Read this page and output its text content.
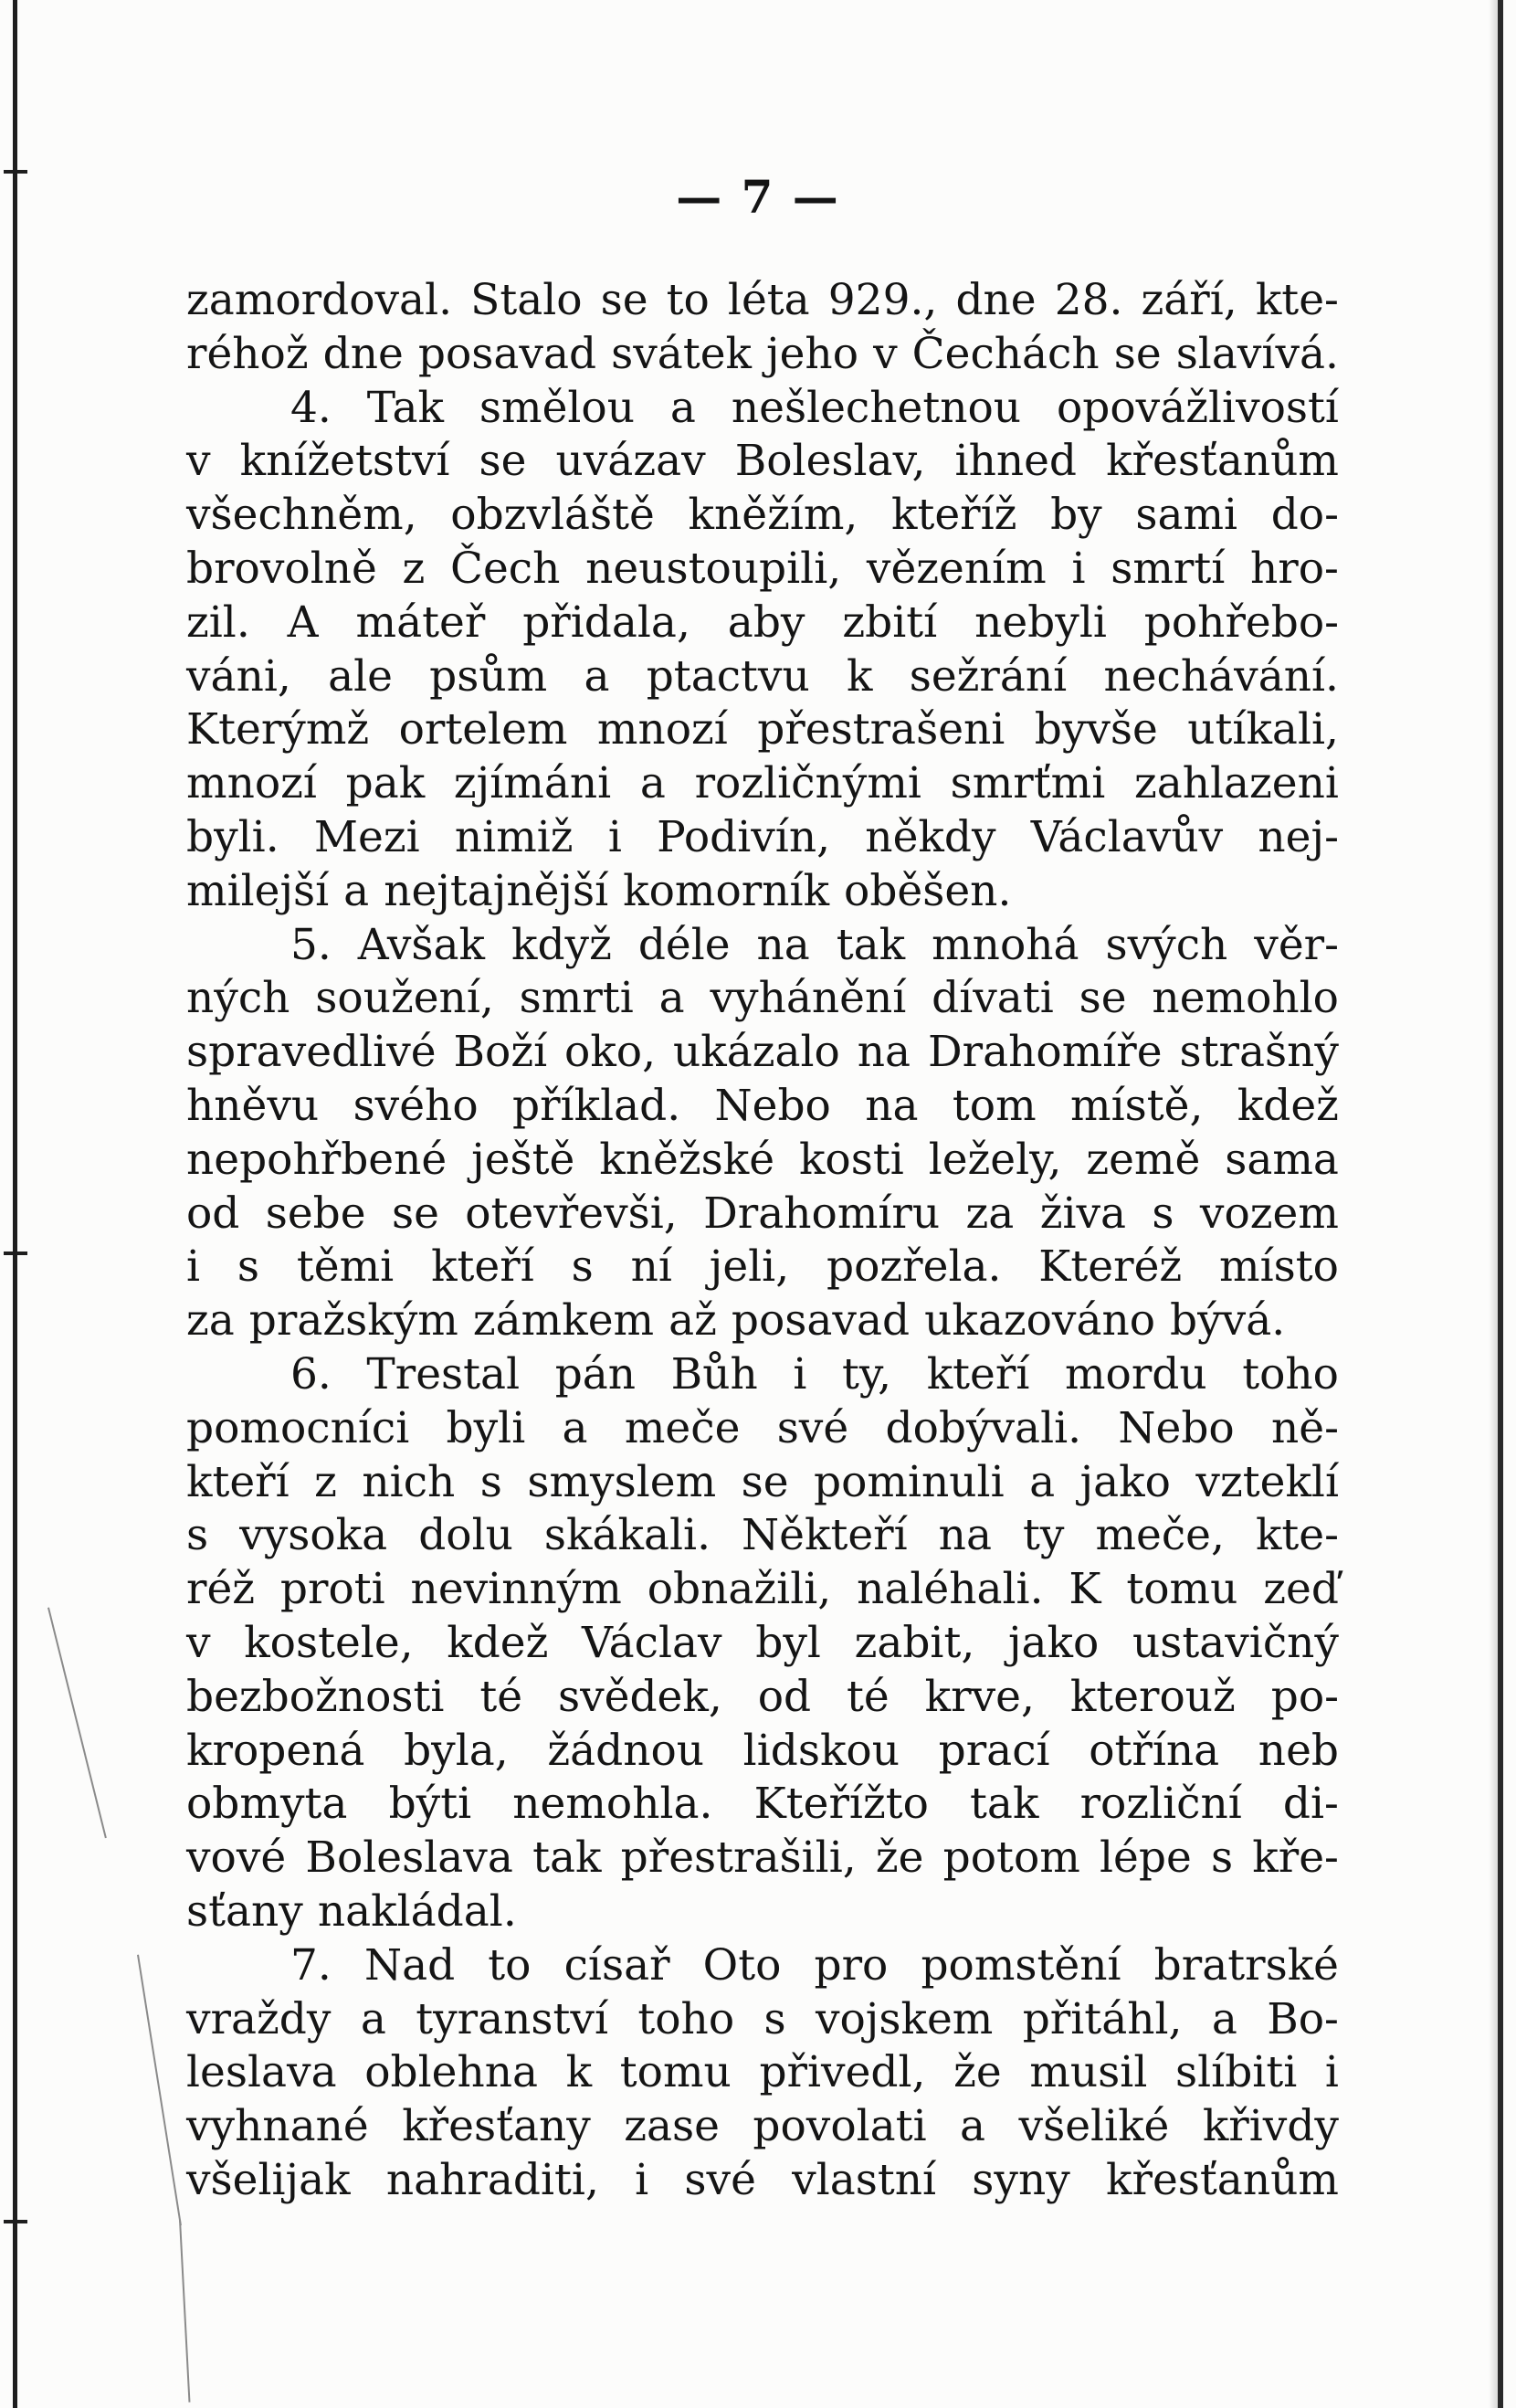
— 7 —
zamordoval. Stalo se to léta 929., dne 28. září, kte-
réhož dne posavad svátek jeho v Čechách se slavívá.
4. Tak smělou a nešlechetnou opovážlivostí
v knížetství se uvázav Boleslav, ihned křesťanům
všechněm, obzvláště kněžím, kteříž by sami do-
brovolně z Čech neustoupili, vězením i smrtí hro-
zil. A máteř přidala, aby zbití nebyli pohřebo-
váni, ale psům a ptactvu k sežrání nechávání.
Kterýmž ortelem mnozí přestrašeni byvše utíkali,
mnozí pak zjímáni a rozličnými smrťmi zahlazeni
byli. Mezi nimiž i Podivín, někdy Václavův nej-
milejší a nejtajnější komorník oběšen.
5. Avšak když déle na tak mnohá svých věr-
ných soužení, smrti a vyhánění dívati se nemohlo
spravedlivé Boží oko, ukázalo na Drahomíře strašný
hněvu svého příklad. Nebo na tom místě, kdež
nepohřbené ještě kněžské kosti ležely, země sama
od sebe se otevřevši, Drahomíru za živa s vozem
i s těmi kteří s ní jeli, pozřela. Kteréž místo
za pražským zámkem až posavad ukazováno bývá.
6. Trestal pán Bůh i ty, kteří mordu toho
pomocníci byli a meče své dobývali. Nebo ně-
kteří z nich s smyslem se pominuli a jako vzteklí
s vysoka dolu skákali. Někteří na ty meče, kte-
réž proti nevinným obnažili, naléhali. K tomu zeď
v kostele, kdež Václav byl zabit, jako ustavičný
bezbožnosti té svědek, od té krve, kterouž po-
kropená byla, žádnou lidskou prací otřína neb
obmyta býti nemohla. Kteřížto tak rozliční di-
vové Boleslava tak přestrašili, že potom lépe s kře-
sťany nakládal.
7. Nad to císař Oto pro pomstění bratrské
vraždy a tyranství toho s vojskem přitáhl, a Bo-
leslava oblehna k tomu přivedl, že musil slíbiti i
vyhnané křesťany zase povolati a všeliké křivdy
všelijak nahraditi, i své vlastní syny křesťanům
